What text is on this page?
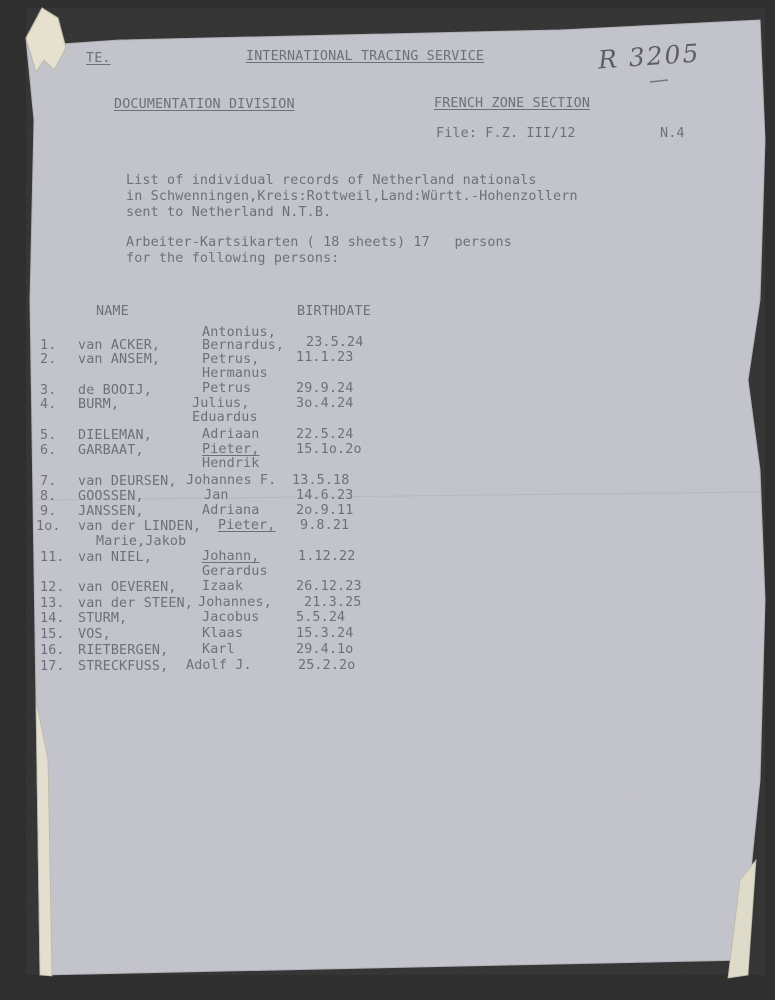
TE.	INTERNATIONAL TRACING SERVICE	R 3205
DOCUMENTATION DIVISION	FRENCH ZONE SECTION
File: F.Z. III/12	N.4
List of individual records of Netherland nationals
in Schwenningen,Kreis:Rottweil,Land:Württ.-Hohenzollern
sent to Netherland N.T.B.
Arbeiter-Kartsikarten ( 18 sheets) 17   persons
for the following persons:
NAME	BIRTHDATE
Antonius,
1. van ACKER,	Bernardus, 23.5.24
2. van ANSEM,	Petrus,	11.1.23
Hermanus
3. de BOOIJ,	Petrus	29.9.24
4. BURM,	Julius,	3o.4.24
Eduardus
5. DIELEMAN,	Adriaan	22.5.24
6. GARBAAT,	Pieter,	15.1o.2o
Hendrik
7. van DEURSEN, Johannes F. 13.5.18
8. GOOSSEN,	Jan	14.6.23
9. JANSSEN,	Adriana	2o.9.11
1o. van der LINDEN, Pieter, 9.8.21
Marie,Jakob
11. van NIEL,	Johann,	1.12.22
Gerardus
12. van OEVEREN, Izaak	26.12.23
13. van der STEEN, Johannes, 21.3.25
14. STURM,	Jacobus	5.5.24
15. VOS,	Klaas	15.3.24
16. RIETBERGEN,	Karl	29.4.1o
17. STRECKFUSS, Adolf J.	25.2.2o
